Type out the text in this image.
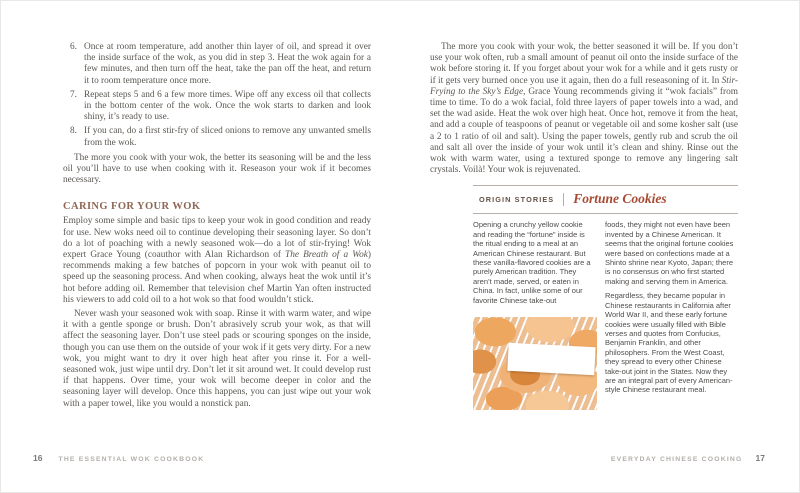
6. Once at room temperature, add another thin layer of oil, and spread it over the inside surface of the wok, as you did in step 3. Heat the wok again for a few minutes, and then turn off the heat, take the pan off the heat, and return it to room temperature once more.

7. Repeat steps 5 and 6 a few more times. Wipe off any excess oil that collects in the bottom center of the wok. Once the wok starts to darken and look shiny, it’s ready to use.

8. If you can, do a first stir-fry of sliced onions to remove any unwanted smells from the wok.

The more you cook with your wok, the better its seasoning will be and the less oil you’ll have to use when cooking with it. Reseason your wok if it becomes necessary.

CARING FOR YOUR WOK

Employ some simple and basic tips to keep your wok in good condition and ready for use. New woks need oil to continue developing their seasoning layer. So don’t do a lot of poaching with a newly seasoned wok—do a lot of stir-frying! Wok expert Grace Young (coauthor with Alan Richardson of The Breath of a Wok) recommends making a few batches of popcorn in your wok with peanut oil to speed up the seasoning process. And when cooking, always heat the wok until it’s hot before adding oil. Remember that television chef Martin Yan often instructed his viewers to add cold oil to a hot wok so that food wouldn’t stick.

Never wash your seasoned wok with soap. Rinse it with warm water, and wipe it with a gentle sponge or brush. Don’t abrasively scrub your wok, as that will affect the seasoning layer. Don’t use steel pads or scouring sponges on the inside, though you can use them on the outside of your wok if it gets very dirty. For a new wok, you might want to dry it over high heat after you rinse it. For a well-seasoned wok, just wipe until dry. Don’t let it sit around wet. It could develop rust if that happens. Over time, your wok will become deeper in color and the seasoning layer will develop. Once this happens, you can just wipe out your wok with a paper towel, like you would a nonstick pan.

The more you cook with your wok, the better seasoned it will be. If you don’t use your wok often, rub a small amount of peanut oil onto the inside surface of the wok before storing it. If you forget about your wok for a while and it gets rusty or if it gets very burned once you use it again, then do a full reseasoning of it. In Stir-Frying to the Sky’s Edge, Grace Young recommends giving it “wok facials” from time to time. To do a wok facial, fold three layers of paper towels into a wad, and set the wad aside. Heat the wok over high heat. Once hot, remove it from the heat, and add a couple of teaspoons of peanut or vegetable oil and some kosher salt (use a 2 to 1 ratio of oil and salt). Using the paper towels, gently rub and scrub the oil and salt all over the inside of your wok until it’s clean and shiny. Rinse out the wok with warm water, using a textured sponge to remove any lingering salt crystals. Voilà! Your wok is rejuvenated.

ORIGIN STORIES Fortune Cookies

Opening a crunchy yellow cookie and reading the “fortune” inside is the ritual ending to a meal at an American Chinese restaurant. But these vanilla-flavored cookies are a purely American tradition. They aren’t made, served, or eaten in China. In fact, unlike some of our favorite Chinese take-out

foods, they might not even have been invented by a Chinese American. It seems that the original fortune cookies were based on confections made at a Shinto shrine near Kyoto, Japan; there is no consensus on who first started making and serving them in America.

Regardless, they became popular in Chinese restaurants in California after World War II, and these early fortune cookies were usually filled with Bible verses and quotes from Confucius, Benjamin Franklin, and other philosophers. From the West Coast, they spread to every other Chinese take-out joint in the States. Now they are an integral part of every American-style Chinese restaurant meal.

16 THE ESSENTIAL WOK COOKBOOK	EVERYDAY CHINESE COOKING 17
